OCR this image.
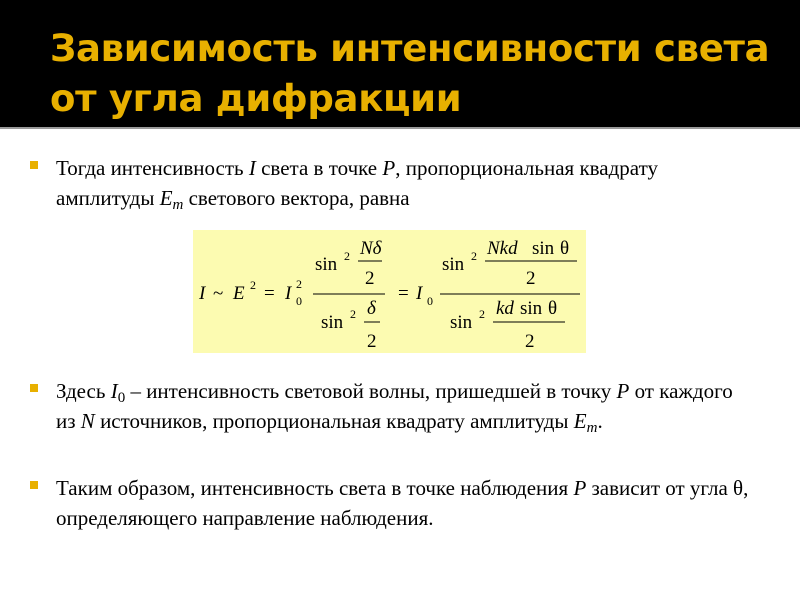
Зависимость интенсивности света от угла дифракции
Тогда интенсивность I света в точке P, пропорциональная квадрату амплитуды $E_m$ светового вектора, равна
Здесь $I_0$ – интенсивность световой волны, пришедшей в точку P от каждого из N источников, пропорциональная квадрату амплитуды $E_m$.
Таким образом, интенсивность света в точке наблюдения P зависит от угла θ, определяющего направление наблюдения.
I ~ E 2 = I 2
0
sin 2 Nδ
2
sin 2 δ
2
= I 0
sin 2 Nkd sin θ
2
sin 2 kd sin θ
2
